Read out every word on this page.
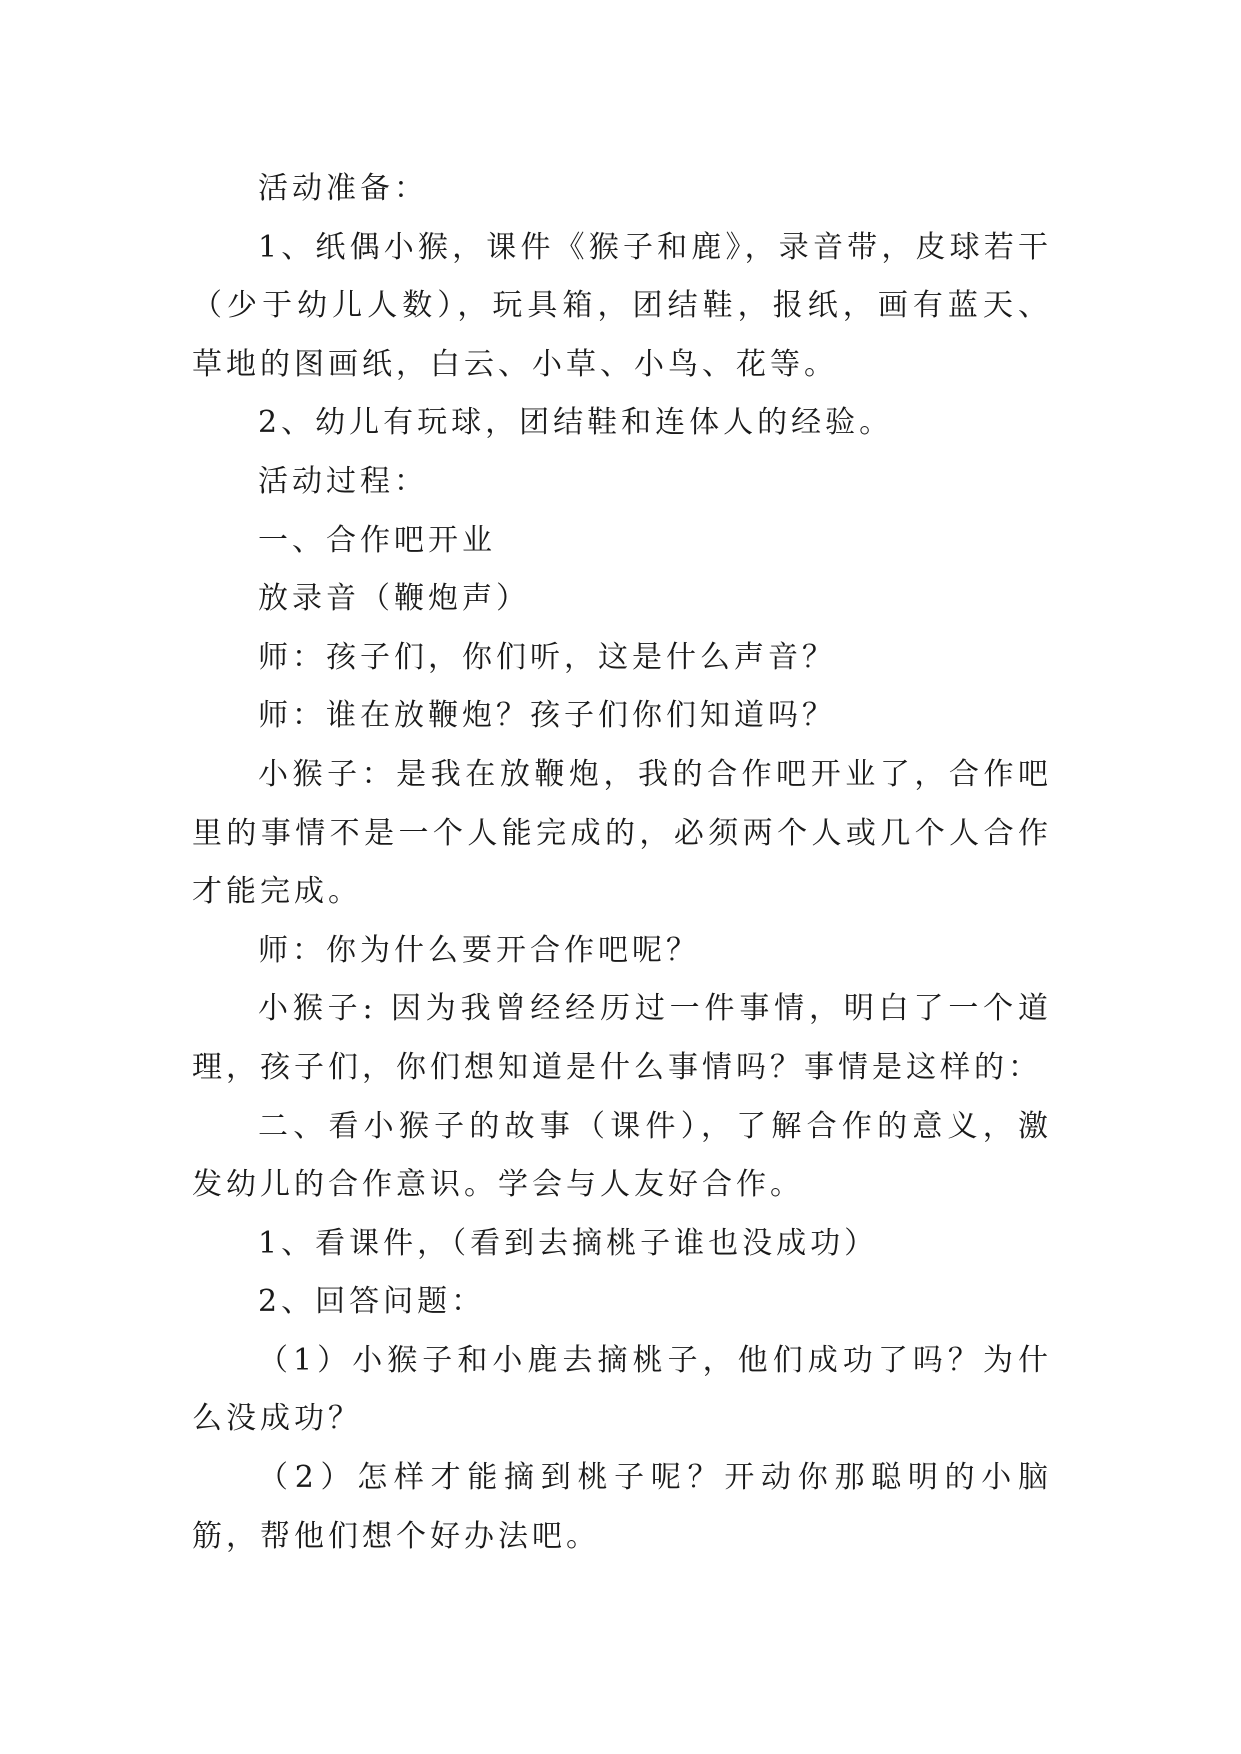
活动准备：

1、纸偶小猴，课件《猴子和鹿》，录音带，皮球若干（少于幼儿人数），玩具箱，团结鞋，报纸，画有蓝天、草地的图画纸，白云、小草、小鸟、花等。

2、幼儿有玩球，团结鞋和连体人的经验。

活动过程：

一、合作吧开业

放录音（鞭炮声）

师：孩子们，你们听，这是什么声音？

师：谁在放鞭炮？孩子们你们知道吗？

小猴子：是我在放鞭炮，我的合作吧开业了，合作吧里的事情不是一个人能完成的，必须两个人或几个人合作才能完成。

师：你为什么要开合作吧呢？

小猴子: 因为我曾经经历过一件事情，明白了一个道理，孩子们，你们想知道是什么事情吗？事情是这样的：

二、看小猴子的故事（课件），了解合作的意义，激发幼儿的合作意识。学会与人友好合作。

1、看课件，（看到去摘桃子谁也没成功）

2、回答问题：

（1）小猴子和小鹿去摘桃子，他们成功了吗？为什么没成功？

（2）怎样才能摘到桃子呢？开动你那聪明的小脑筋，帮他们想个好办法吧。
